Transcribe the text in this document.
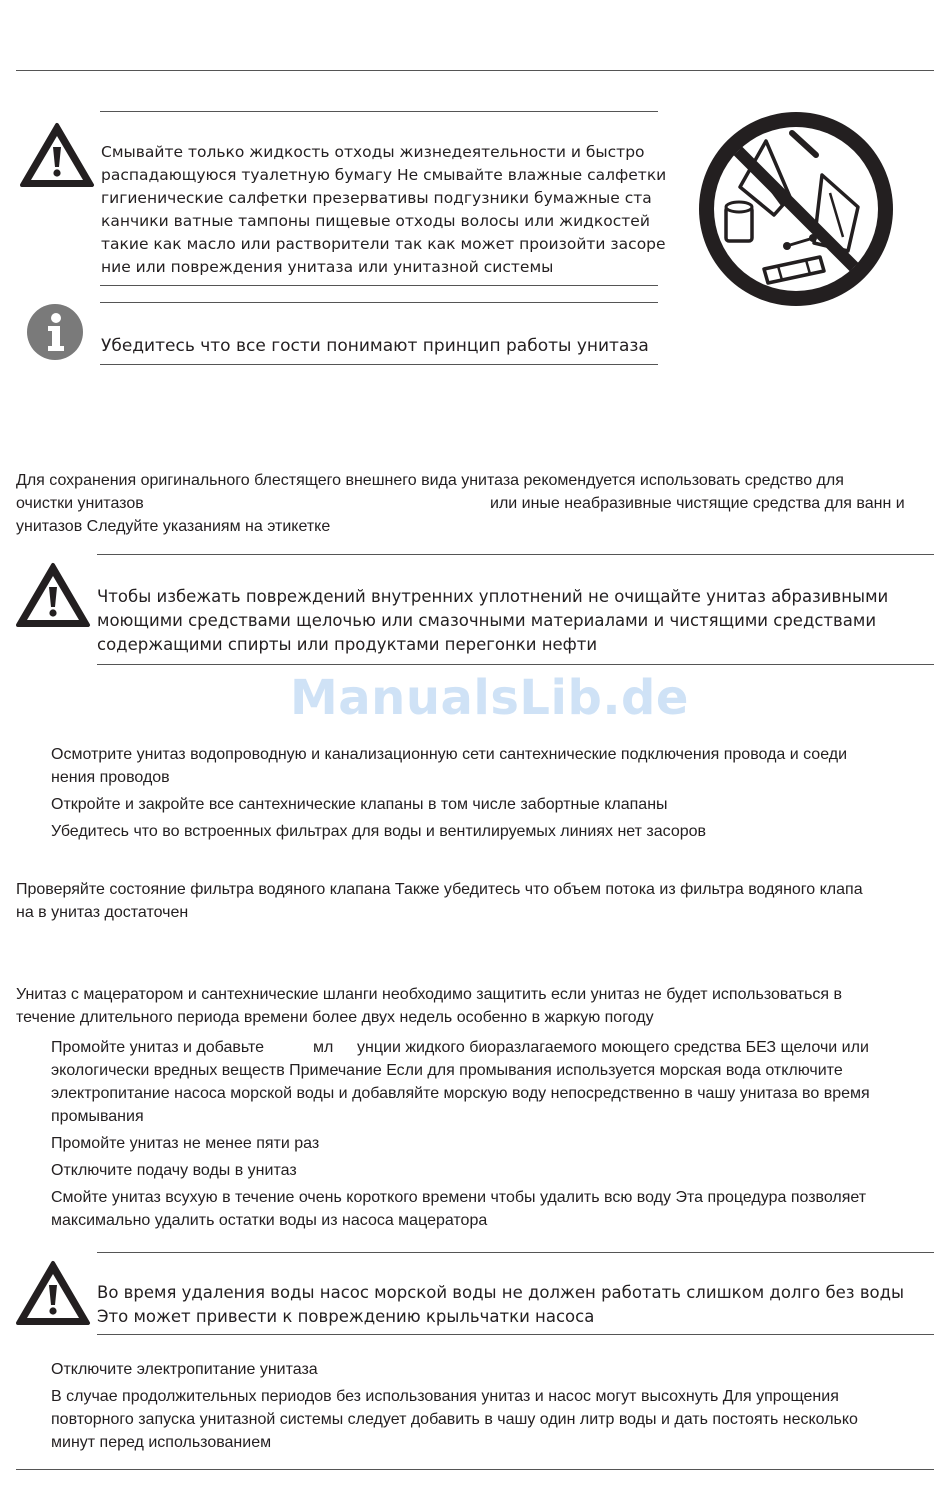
Смывайте только жидкость отходы жизнедеятельности и быстро
распадающуюся туалетную бумагу Не смывайте влажные салфетки
гигиенические салфетки презервативы подгузники бумажные ста
канчики ватные тампоны пищевые отходы волосы или жидкостей
такие как масло или растворители так как может произойти засоре
ние или повреждения унитаза или унитазной системы
Убедитесь что все гости понимают принцип работы унитаза
Для сохранения оригинального блестящего внешнего вида унитаза рекомендуется использовать средство для
очистки унитазов	или иные неабразивные чистящие средства для ванн и
унитазов Следуйте указаниям на этикетке
Чтобы избежать повреждений внутренних уплотнений не очищайте унитаз абразивными
моющими средствами щелочью или смазочными материалами и чистящими средствами
содержащими спирты или продуктами перегонки нефти
ManualsLib.de
Осмотрите унитаз водопроводную и канализационную сети сантехнические подключения провода и соеди
нения проводов
Откройте и закройте все сантехнические клапаны в том числе забортные клапаны
Убедитесь что во встроенных фильтрах для воды и вентилируемых линиях нет засоров
Проверяйте состояние фильтра водяного клапана Также убедитесь что объем потока из фильтра водяного клапа
на в унитаз достаточен
Унитаз с мацератором и сантехнические шланги необходимо защитить если унитаз не будет использоваться в
течение длительного периода времени более двух недель особенно в жаркую погоду
Промойте унитаз и добавьте	мл унции жидкого биоразлагаемого моющего средства БЕЗ щелочи или
экологически вредных веществ Примечание Если для промывания используется морская вода отключите
электропитание насоса морской воды и добавляйте морскую воду непосредственно в чашу унитаза во время
промывания
Промойте унитаз не менее пяти раз
Отключите подачу воды в унитаз
Смойте унитаз всухую в течение очень короткого времени чтобы удалить всю воду Эта процедура позволяет
максимально удалить остатки воды из насоса мацератора
Во время удаления воды насос морской воды не должен работать слишком долго без воды
Это может привести к повреждению крыльчатки насоса
Отключите электропитание унитаза
В случае продолжительных периодов без использования унитаз и насос могут высохнуть Для упрощения
повторного запуска унитазной системы следует добавить в чашу один литр воды и дать постоять несколько
минут перед использованием
